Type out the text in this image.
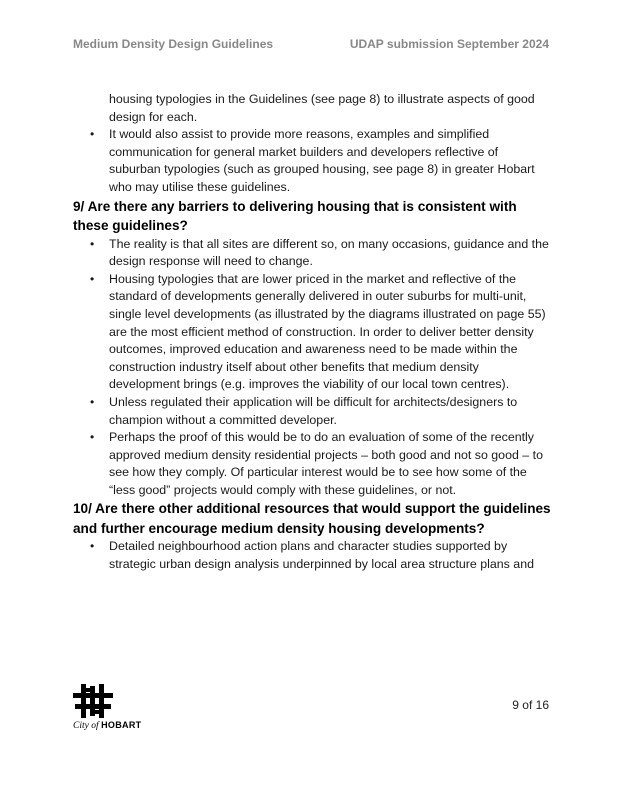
Medium Density Design Guidelines	UDAP submission September 2024

housing typologies in the Guidelines (see page 8) to illustrate aspects of good design for each.

• It would also assist to provide more reasons, examples and simplified communication for general market builders and developers reflective of suburban typologies (such as grouped housing, see page 8) in greater Hobart who may utilise these guidelines.
9/ Are there any barriers to delivering housing that is consistent with these guidelines?
• The reality is that all sites are different so, on many occasions, guidance and the design response will need to change.
• Housing typologies that are lower priced in the market and reflective of the standard of developments generally delivered in outer suburbs for multi-unit, single level developments (as illustrated by the diagrams illustrated on page 55) are the most efficient method of construction. In order to deliver better density outcomes, improved education and awareness need to be made within the construction industry itself about other benefits that medium density development brings (e.g. improves the viability of our local town centres).
• Unless regulated their application will be difficult for architects/designers to champion without a committed developer.
• Perhaps the proof of this would be to do an evaluation of some of the recently approved medium density residential projects – both good and not so good – to see how they comply. Of particular interest would be to see how some of the “less good” projects would comply with these guidelines, or not.
10/ Are there other additional resources that would support the guidelines and further encourage medium density housing developments?
• Detailed neighbourhood action plans and character studies supported by strategic urban design analysis underpinned by local area structure plans and
City of HOBART
9 of 16
